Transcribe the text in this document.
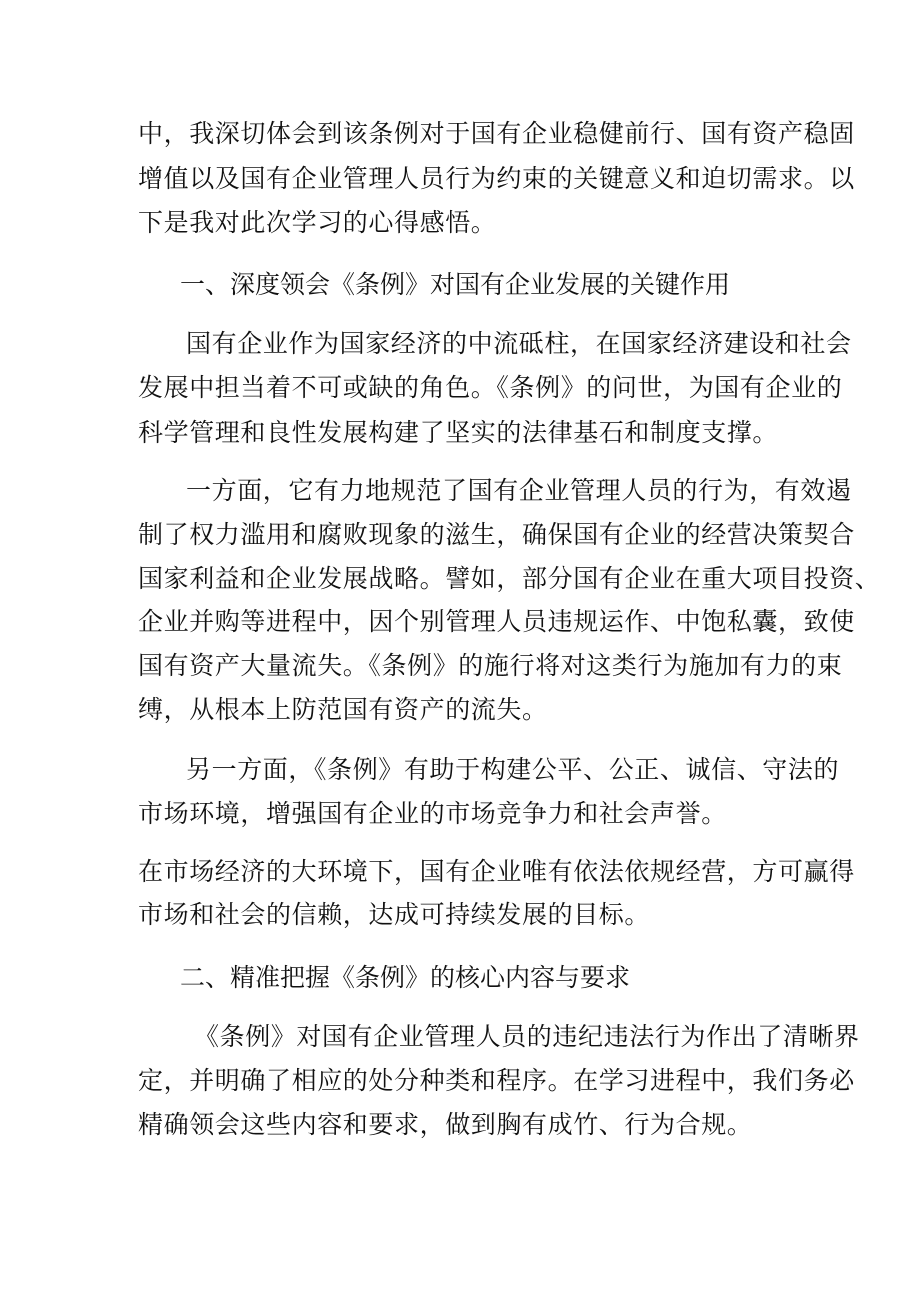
中，我深切体会到该条例对于国有企业稳健前行、国有资产稳固
增值以及国有企业管理人员行为约束的关键意义和迫切需求。以
下是我对此次学习的心得感悟。
一、深度领会《条例》对国有企业发展的关键作用
国有企业作为国家经济的中流砥柱，在国家经济建设和社会
发展中担当着不可或缺的角色。《条例》的问世，为国有企业的
科学管理和良性发展构建了坚实的法律基石和制度支撑。
一方面，它有力地规范了国有企业管理人员的行为，有效遏
制了权力滥用和腐败现象的滋生，确保国有企业的经营决策契合
国家利益和企业发展战略。譬如，部分国有企业在重大项目投资、
企业并购等进程中，因个别管理人员违规运作、中饱私囊，致使
国有资产大量流失。《条例》的施行将对这类行为施加有力的束
缚，从根本上防范国有资产的流失。
另一方面，《条例》有助于构建公平、公正、诚信、守法的
市场环境，增强国有企业的市场竞争力和社会声誉。
在市场经济的大环境下，国有企业唯有依法依规经营，方可赢得
市场和社会的信赖，达成可持续发展的目标。
二、精准把握《条例》的核心内容与要求
《条例》对国有企业管理人员的违纪违法行为作出了清晰界
定，并明确了相应的处分种类和程序。在学习进程中，我们务必
精确领会这些内容和要求，做到胸有成竹、行为合规。
